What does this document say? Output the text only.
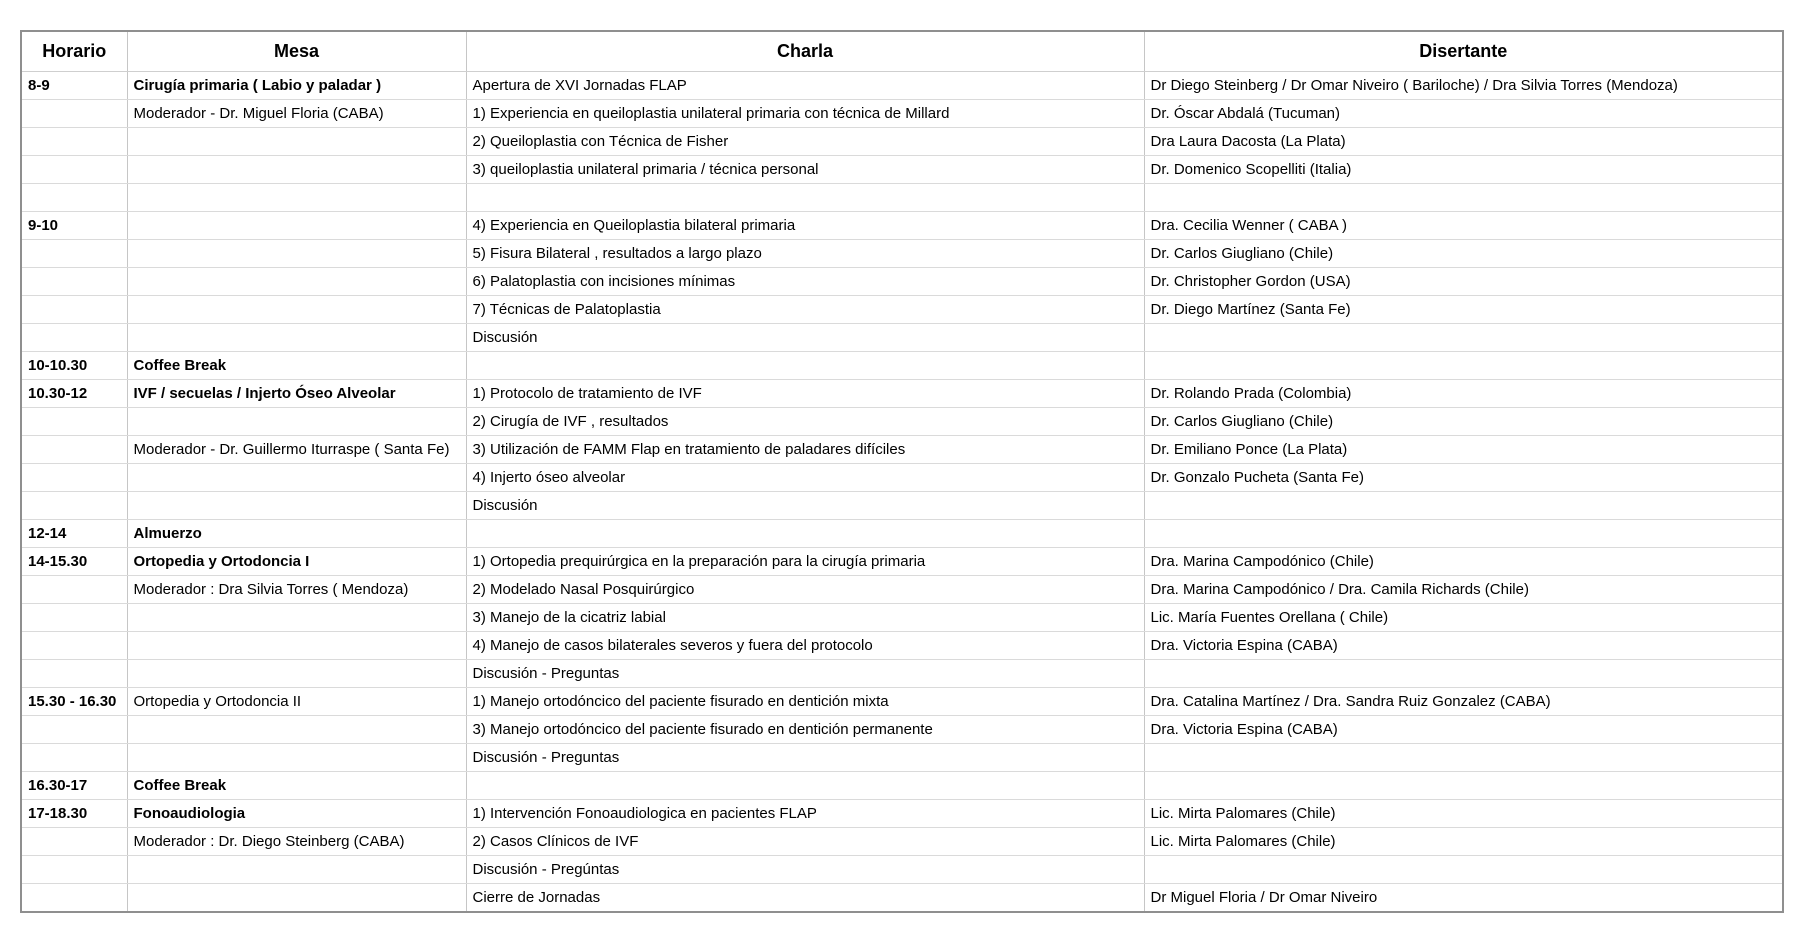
Horario	Mesa	Charla	Disertante
8-9	Cirugía primaria ( Labio y paladar )	Apertura de XVI Jornadas FLAP	Dr Diego Steinberg / Dr Omar Niveiro ( Bariloche) / Dra Silvia Torres (Mendoza)
	Moderador - Dr. Miguel Floria (CABA)	1) Experiencia en queiloplastia unilateral primaria con técnica de Millard	Dr. Óscar Abdalá (Tucuman)
		2) Queiloplastia con Técnica de Fisher	Dra Laura Dacosta (La Plata)
		3) queiloplastia unilateral primaria / técnica personal	Dr. Domenico Scopelliti (Italia)

9-10		4) Experiencia en Queiloplastia bilateral primaria	Dra. Cecilia Wenner ( CABA )
		5) Fisura Bilateral , resultados a largo plazo	Dr. Carlos Giugliano (Chile)
		6) Palatoplastia con incisiones mínimas	Dr. Christopher Gordon (USA)
		7) Técnicas de Palatoplastia	Dr. Diego Martínez (Santa Fe)
		Discusión	
10-10.30	Coffee Break		
10.30-12	IVF / secuelas / Injerto Óseo Alveolar	1) Protocolo de tratamiento de IVF	Dr. Rolando Prada (Colombia)
		2) Cirugía de IVF , resultados	Dr. Carlos Giugliano (Chile)
	Moderador - Dr. Guillermo Iturraspe ( Santa Fe)	3) Utilización de FAMM Flap en tratamiento de paladares difíciles	Dr. Emiliano Ponce (La Plata)
		4) Injerto óseo alveolar	Dr. Gonzalo Pucheta (Santa Fe)
		Discusión	
12-14	Almuerzo		
14-15.30	Ortopedia y Ortodoncia I	1) Ortopedia prequirúrgica en la preparación para la cirugía primaria	Dra. Marina Campodónico (Chile)
	Moderador : Dra Silvia Torres ( Mendoza)	2) Modelado Nasal Posquirúrgico	Dra. Marina Campodónico / Dra. Camila Richards (Chile)
		3) Manejo de la cicatriz labial	Lic. María Fuentes Orellana ( Chile)
		4) Manejo de casos bilaterales severos y fuera del protocolo	Dra. Victoria Espina (CABA)
		Discusión - Preguntas	
15.30 - 16.30	Ortopedia y Ortodoncia II	1) Manejo ortodóncico del paciente fisurado en dentición mixta	Dra. Catalina Martínez / Dra. Sandra Ruiz Gonzalez (CABA)
		3) Manejo ortodóncico del paciente fisurado en dentición permanente	Dra. Victoria Espina (CABA)
		Discusión - Preguntas	
16.30-17	Coffee Break		
17-18.30	Fonoaudiologia	1) Intervención Fonoaudiologica en pacientes FLAP	Lic. Mirta Palomares (Chile)
	Moderador : Dr. Diego Steinberg (CABA)	2) Casos Clínicos de IVF	Lic. Mirta Palomares (Chile)
		Discusión - Pregúntas	
		Cierre de Jornadas	Dr Miguel Floria / Dr Omar Niveiro
